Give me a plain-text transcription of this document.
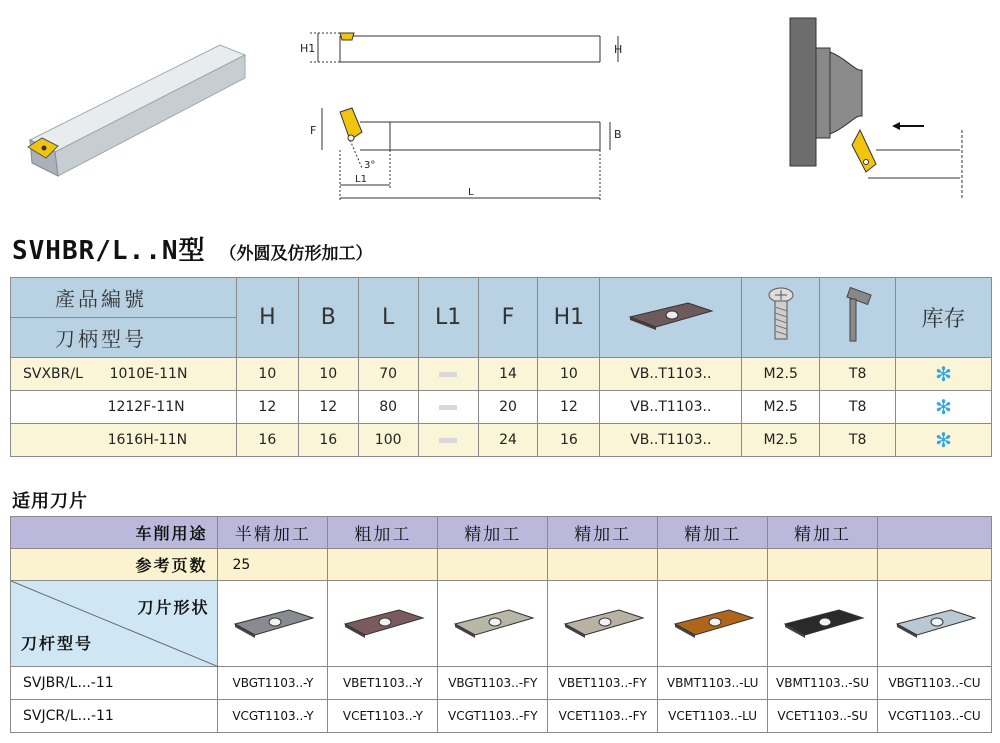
H1	H
F	B
3°
L1
L
SVHBR/L..N型 （外圆及仿形加工）
產品編號	H	B	L	L1	F	H1				库存
刀柄型号										
SVXBR/L 1010E-11N	10	10	70		14	10	VB..T1103..	M2.5	T8	✻
1212F-11N	12	12	80		20	12	VB..T1103..	M2.5	T8	✻
1616H-11N	16	16	100		24	16	VB..T1103..	M2.5	T8	✻
适用刀片
车削用途	半精加工	粗加工	精加工	精加工	精加工	精加工	
参考页数	25						

刀片形状
刀杆型号

SVJBR/L...-11	VBGT1103..-Y	VBET1103..-Y	VBGT1103..-FY	VBET1103..-FY	VBMT1103..-LU	VBMT1103..-SU	VBGT1103..-CU
SVJCR/L...-11	VCGT1103..-Y	VCET1103..-Y	VCGT1103..-FY	VCET1103..-FY	VCET1103..-LU	VCET1103..-SU	VCGT1103..-CU
